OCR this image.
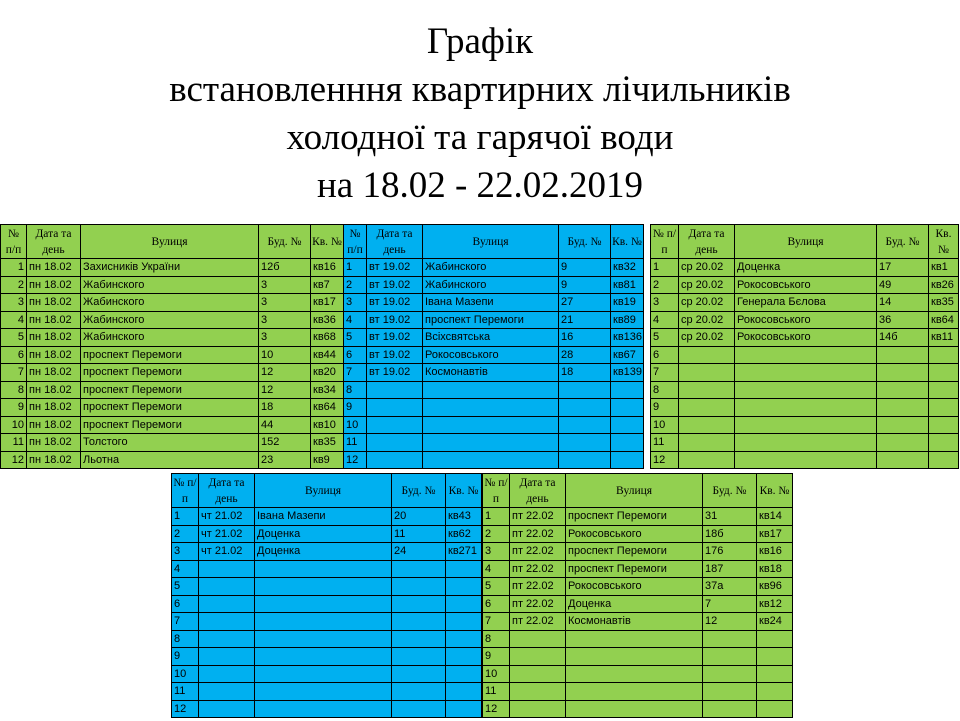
Графік
встановленння квартирних лічильників
холодної та гарячої води
на 18.02 - 22.02.2019
№ п/п	Дата та день	Вулиця	Буд. №	Кв. №
1	пн 18.02	Захисників України	12б	кв16
2	пн 18.02	Жабинского	3	кв7
3	пн 18.02	Жабинского	3	кв17
4	пн 18.02	Жабинского	3	кв36
5	пн 18.02	Жабинского	3	кв68
6	пн 18.02	проспект Перемоги	10	кв44
7	пн 18.02	проспект Перемоги	12	кв20
8	пн 18.02	проспект Перемоги	12	кв34
9	пн 18.02	проспект Перемоги	18	кв64
10	пн 18.02	проспект Перемоги	44	кв10
11	пн 18.02	Толстого	152	кв35
12	пн 18.02	Льотна	23	кв9
№ п/п	Дата та день	Вулиця	Буд. №	Кв. №
1	вт 19.02	Жабинского	9	кв32
2	вт 19.02	Жабинского	9	кв81
3	вт 19.02	Івана Мазепи	27	кв19
4	вт 19.02	проспект Перемоги	21	кв89
5	вт 19.02	Всіхсвятська	16	кв136
6	вт 19.02	Рокосовського	28	кв67
7	вт 19.02	Космонавтів	18	кв139
8				
9				
10				
11				
12				
№ п/п	Дата та день	Вулиця	Буд. №	Кв. №
1	ср 20.02	Доценка	17	кв1
2	ср 20.02	Рокосовського	49	кв26
3	ср 20.02	Генерала Бєлова	14	кв35
4	ср 20.02	Рокосовського	36	кв64
5	ср 20.02	Рокосовського	14б	кв11
6				
7				
8				
9				
10				
11				
12				
№ п/п	Дата та день	Вулиця	Буд. №	Кв. №
1	чт 21.02	Івана Мазепи	20	кв43
2	чт 21.02	Доценка	11	кв62
3	чт 21.02	Доценка	24	кв271
4				
5				
6				
7				
8				
9				
10				
11				
12				
№ п/п	Дата та день	Вулиця	Буд. №	Кв. №
1	пт 22.02	проспект Перемоги	31	кв14
2	пт 22.02	Рокосовського	18б	кв17
3	пт 22.02	проспект Перемоги	176	кв16
4	пт 22.02	проспект Перемоги	187	кв18
5	пт 22.02	Рокосовського	37а	кв96
6	пт 22.02	Доценка	7	кв12
7	пт 22.02	Космонавтів	12	кв24
8				
9				
10				
11				
12				
